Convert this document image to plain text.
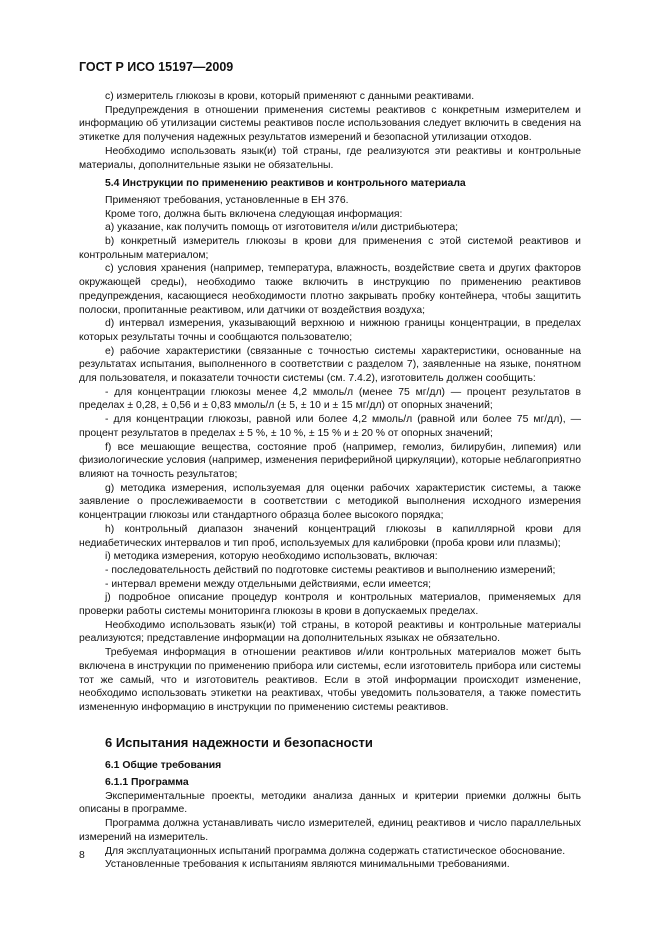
ГОСТ Р ИСО 15197—2009

с) измеритель глюкозы в крови, который применяют с данными реактивами.

Предупреждения в отношении применения системы реактивов с конкретным измерителем и информацию об утилизации системы реактивов после использования следует включить в сведения на этикетке для получения надежных результатов измерений и безопасной утилизации отходов.

Необходимо использовать язык(и) той страны, где реализуются эти реактивы и контрольные материалы, дополнительные языки не обязательны.

5.4 Инструкции по применению реактивов и контрольного материала

Применяют требования, установленные в ЕН 376.

Кроме того, должна быть включена следующая информация:

а) указание, как получить помощь от изготовителя и/или дистрибьютера;

b) конкретный измеритель глюкозы в крови для применения с этой системой реактивов и контрольным материалом;

с) условия хранения (например, температура, влажность, воздействие света и других факторов окружающей среды), необходимо также включить в инструкцию по применению реактивов предупреждения, касающиеся необходимости плотно закрывать пробку контейнера, чтобы защитить полоски, пропитанные реактивом, или датчики от воздействия воздуха;

d) интервал измерения, указывающий верхнюю и нижнюю границы концентрации, в пределах которых результаты точны и сообщаются пользователю;

е) рабочие характеристики (связанные с точностью системы характеристики, основанные на результатах испытания, выполненного в соответствии с разделом 7), заявленные на языке, понятном для пользователя, и показатели точности системы (см. 7.4.2), изготовитель должен сообщить:

- для концентрации глюкозы менее 4,2 ммоль/л (менее 75 мг/дл) — процент результатов в пределах ± 0,28, ± 0,56 и ± 0,83 ммоль/л (± 5, ± 10 и ± 15 мг/дл) от опорных значений;

- для концентрации глюкозы, равной или более 4,2 ммоль/л (равной или более 75 мг/дл), — процент результатов в пределах ± 5 %, ± 10 %, ± 15 % и ± 20 % от опорных значений;

f) все мешающие вещества, состояние проб (например, гемолиз, билирубин, липемия) или физиологические условия (например, изменения периферийной циркуляции), которые неблагоприятно влияют на точность результатов;

g) методика измерения, используемая для оценки рабочих характеристик системы, а также заявление о прослеживаемости в соответствии с методикой выполнения исходного измерения концентрации глюкозы или стандартного образца более высокого порядка;

h) контрольный диапазон значений концентраций глюкозы в капиллярной крови для недиабетических интервалов и тип проб, используемых для калибровки (проба крови или плазмы);

i) методика измерения, которую необходимо использовать, включая:

- последовательность действий по подготовке системы реактивов и выполнению измерений;

- интервал времени между отдельными действиями, если имеется;

j) подробное описание процедур контроля и контрольных материалов, применяемых для проверки работы системы мониторинга глюкозы в крови в допускаемых пределах.

Необходимо использовать язык(и) той страны, в которой реактивы и контрольные материалы реализуются; представление информации на дополнительных языках не обязательно.

Требуемая информация в отношении реактивов и/или контрольных материалов может быть включена в инструкции по применению прибора или системы, если изготовитель прибора или системы тот же самый, что и изготовитель реактивов. Если в этой информации происходит изменение, необходимо использовать этикетки на реактивах, чтобы уведомить пользователя, а также поместить измененную информацию в инструкции по применению системы реактивов.

6 Испытания надежности и безопасности

6.1 Общие требования

6.1.1 Программа

Экспериментальные проекты, методики анализа данных и критерии приемки должны быть описаны в программе.

Программа должна устанавливать число измерителей, единиц реактивов и число параллельных измерений на измеритель.

Для эксплуатационных испытаний программа должна содержать статистическое обоснование.

Установленные требования к испытаниям являются минимальными требованиями.

8
